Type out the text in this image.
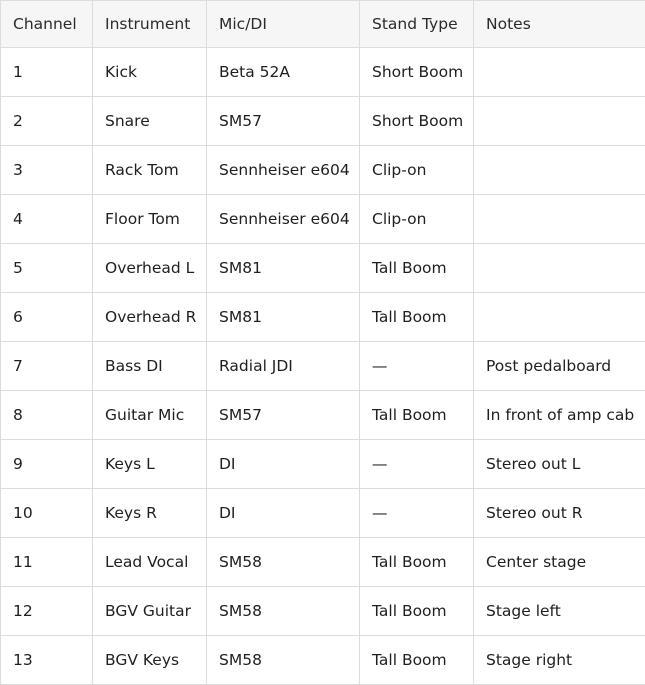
Channel	Instrument	Mic/DI	Stand Type	Notes
1	Kick	Beta 52A	Short Boom	
2	Snare	SM57	Short Boom	
3	Rack Tom	Sennheiser e604	Clip-on	
4	Floor Tom	Sennheiser e604	Clip-on	
5	Overhead L	SM81	Tall Boom	
6	Overhead R	SM81	Tall Boom	
7	Bass DI	Radial JDI	—	Post pedalboard
8	Guitar Mic	SM57	Tall Boom	In front of amp cab
9	Keys L	DI	—	Stereo out L
10	Keys R	DI	—	Stereo out R
11	Lead Vocal	SM58	Tall Boom	Center stage
12	BGV Guitar	SM58	Tall Boom	Stage left
13	BGV Keys	SM58	Tall Boom	Stage right
